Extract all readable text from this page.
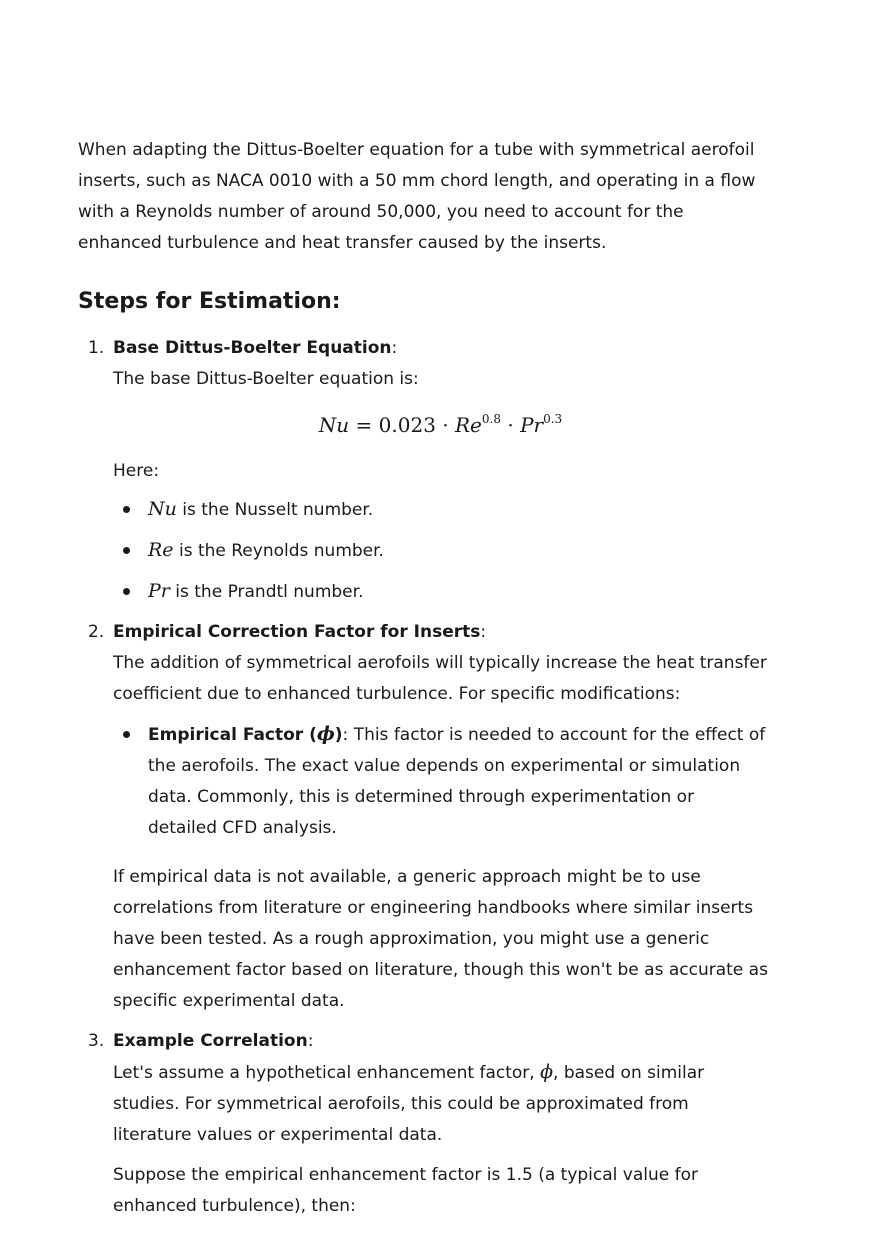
When adapting the Dittus-Boelter equation for a tube with symmetrical aerofoil inserts, such as NACA 0010 with a 50 mm chord length, and operating in a flow with a Reynolds number of around 50,000, you need to account for the enhanced turbulence and heat transfer caused by the inserts.

Steps for Estimation:
1. Base Dittus-Boelter Equation:

The base Dittus-Boelter equation is:

$Nu = 0.023 \cdot Re^{0.8} \cdot Pr^{0.3}$

Here:

Nu is the Nusselt number.
Re is the Reynolds number.
Pr is the Prandtl number.
2. Empirical Correction Factor for Inserts:

The addition of symmetrical aerofoils will typically increase the heat transfer coefficient due to enhanced turbulence. For specific modifications:

Empirical Factor (ϕ): This factor is needed to account for the effect of the aerofoils. The exact value depends on experimental or simulation data. Commonly, this is determined through experimentation or detailed CFD analysis.

If empirical data is not available, a generic approach might be to use correlations from literature or engineering handbooks where similar inserts have been tested. As a rough approximation, you might use a generic enhancement factor based on literature, though this won't be as accurate as specific experimental data.

3. Example Correlation:

Let's assume a hypothetical enhancement factor, ϕ, based on similar studies. For symmetrical aerofoils, this could be approximated from literature values or experimental data.

Suppose the empirical enhancement factor is 1.5 (a typical value for enhanced turbulence), then:
